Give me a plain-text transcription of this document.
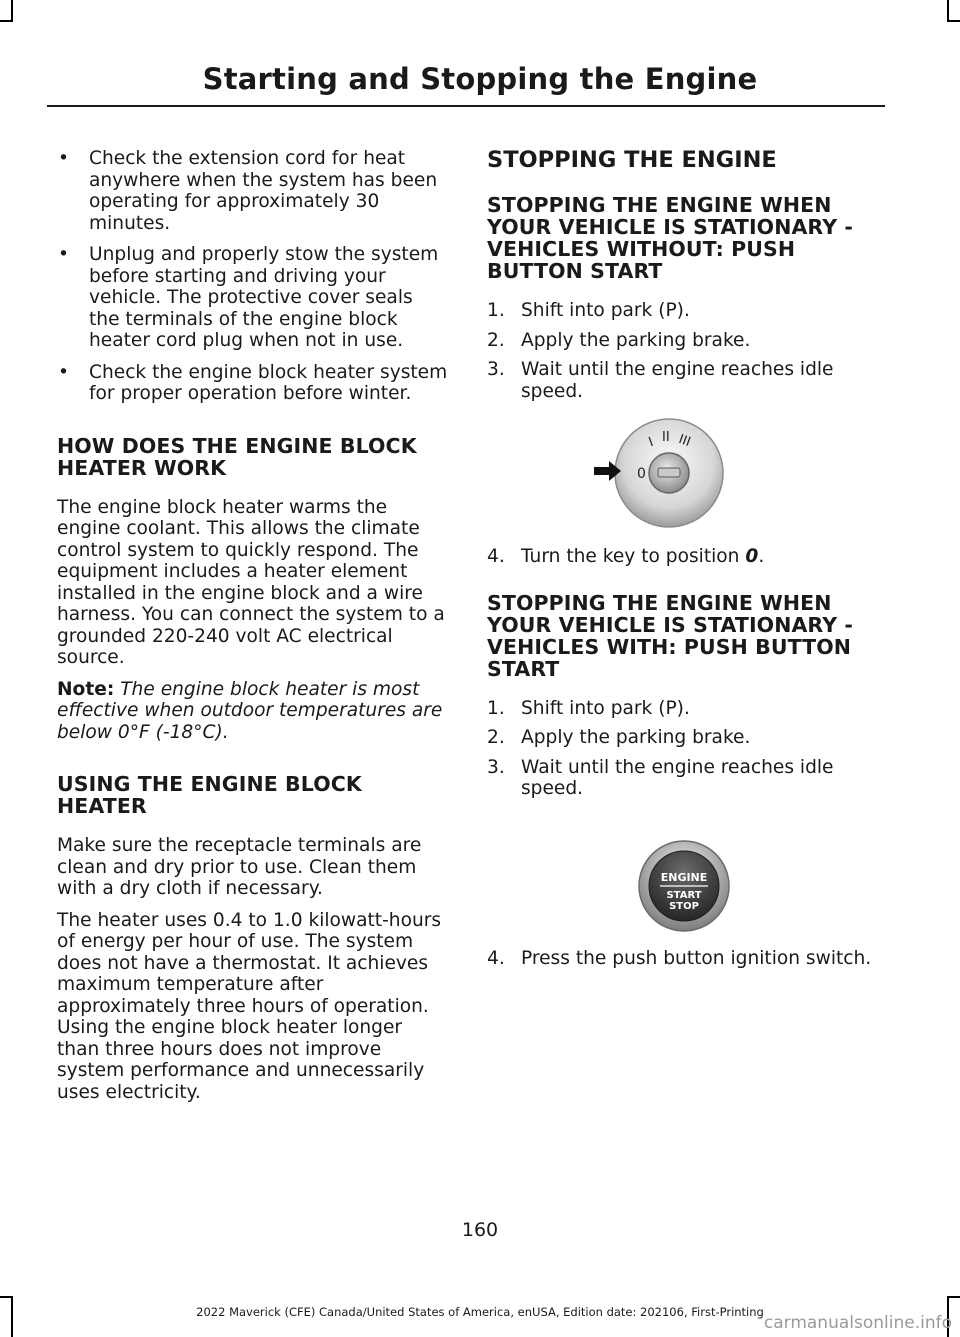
Starting and Stopping the Engine
• Check the extension cord for heat anywhere when the system has been operating for approximately 30 minutes.
• Unplug and properly stow the system before starting and driving your vehicle. The protective cover seals the terminals of the engine block heater cord plug when not in use.
• Check the engine block heater system for proper operation before winter.
HOW DOES THE ENGINE BLOCK HEATER WORK

The engine block heater warms the engine coolant. This allows the climate control system to quickly respond. The equipment includes a heater element installed in the engine block and a wire harness. You can connect the system to a grounded 220-240 volt AC electrical source.

Note: The engine block heater is most effective when outdoor temperatures are below 0°F (-18°C).

USING THE ENGINE BLOCK HEATER

Make sure the receptacle terminals are clean and dry prior to use. Clean them with a dry cloth if necessary.

The heater uses 0.4 to 1.0 kilowatt-hours of energy per hour of use. The system does not have a thermostat. It achieves maximum temperature after approximately three hours of operation. Using the engine block heater longer than three hours does not improve system performance and unnecessarily uses electricity.

STOPPING THE ENGINE
STOPPING THE ENGINE WHEN YOUR VEHICLE IS STATIONARY - VEHICLES WITHOUT: PUSH BUTTON START
1. Shift into park (P).
2. Apply the parking brake.
3. Wait until the engine reaches idle speed.
0
I II III
4. Turn the key to position 0.
STOPPING THE ENGINE WHEN YOUR VEHICLE IS STATIONARY - VEHICLES WITH: PUSH BUTTON START
1. Shift into park (P).
2. Apply the parking brake.
3. Wait until the engine reaches idle speed.
ENGINE
START
STOP
4. Press the push button ignition switch.
160
2022 Maverick (CFE) Canada/United States of America, enUSA, Edition date: 202106, First-Printing
carmanualsonline.info
